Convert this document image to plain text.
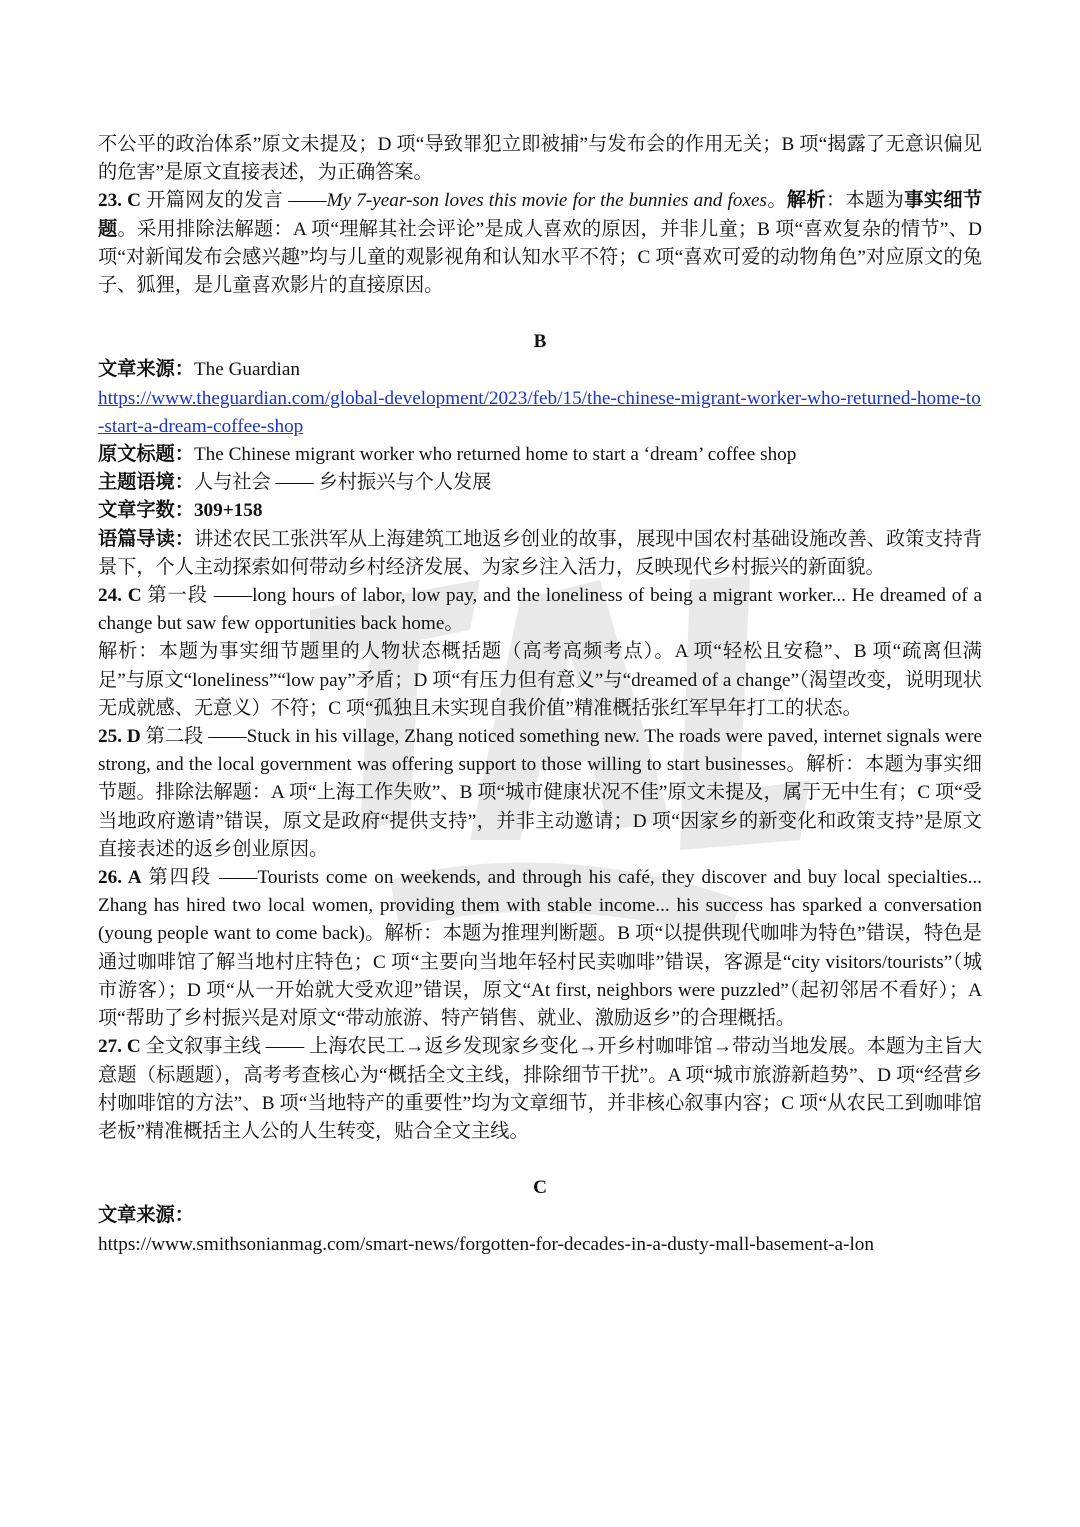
不公平的政治体系”原文未提及；D 项“导致罪犯立即被捕”与发布会的作用无关；B 项“揭露了无意识偏见的危害”是原文直接表述，为正确答案。

23. C 开篇网友的发言 ——My 7-year-son loves this movie for the bunnies and foxes。解析：本题为事实细节题。采用排除法解题：A 项“理解其社会评论”是成人喜欢的原因，并非儿童；B 项“喜欢复杂的情节”、D 项“对新闻发布会感兴趣”均与儿童的观影视角和认知水平不符；C 项“喜欢可爱的动物角色”对应原文的兔子、狐狸，是儿童喜欢影片的直接原因。

B

文章来源：The Guardian

https://www.theguardian.com/global-development/2023/feb/15/the-chinese-migrant-worker-who-returned-home-to-start-a-dream-coffee-shop

原文标题：The Chinese migrant worker who returned home to start a ‘dream’ coffee shop

主题语境：人与社会 —— 乡村振兴与个人发展

文章字数：309+158

语篇导读：讲述农民工张洪军从上海建筑工地返乡创业的故事，展现中国农村基础设施改善、政策支持背景下，个人主动探索如何带动乡村经济发展、为家乡注入活力，反映现代乡村振兴的新面貌。

24. C 第一段 ——long hours of labor, low pay, and the loneliness of being a migrant worker... He dreamed of a change but saw few opportunities back home。

解析：本题为事实细节题里的人物状态概括题（高考高频考点）。A 项“轻松且安稳”、B 项“疏离但满足”与原文“loneliness”“low pay”矛盾；D 项“有压力但有意义”与“dreamed of a change”（渴望改变，说明现状无成就感、无意义）不符；C 项“孤独且未实现自我价值”精准概括张红军早年打工的状态。

25. D 第二段 ——Stuck in his village, Zhang noticed something new. The roads were paved, internet signals were strong, and the local government was offering support to those willing to start businesses。解析：本题为事实细节题。排除法解题：A 项“上海工作失败”、B 项“城市健康状况不佳”原文未提及，属于无中生有；C 项“受当地政府邀请”错误，原文是政府“提供支持”，并非主动邀请；D 项“因家乡的新变化和政策支持”是原文直接表述的返乡创业原因。

26. A 第四段 ——Tourists come on weekends, and through his café, they discover and buy local specialties... Zhang has hired two local women, providing them with stable income... his success has sparked a conversation (young people want to come back)。解析：本题为推理判断题。B 项“以提供现代咖啡为特色”错误，特色是通过咖啡馆了解当地村庄特色；C 项“主要向当地年轻村民卖咖啡”错误，客源是“city visitors/tourists”（城市游客）；D 项“从一开始就大受欢迎”错误，原文“At first, neighbors were puzzled”（起初邻居不看好）；A 项“帮助了乡村振兴是对原文“带动旅游、特产销售、就业、激励返乡”的合理概括。

27. C 全文叙事主线 —— 上海农民工→返乡发现家乡变化→开乡村咖啡馆→带动当地发展。本题为主旨大意题（标题题），高考考查核心为“概括全文主线，排除细节干扰”。A 项“城市旅游新趋势”、D 项“经营乡村咖啡馆的方法”、B 项“当地特产的重要性”均为文章细节，并非核心叙事内容；C 项“从农民工到咖啡馆老板”精准概括主人公的人生转变，贴合全文主线。

C

文章来源：

https://www.smithsonianmag.com/smart-news/forgotten-for-decades-in-a-dusty-mall-basement-a-lon
